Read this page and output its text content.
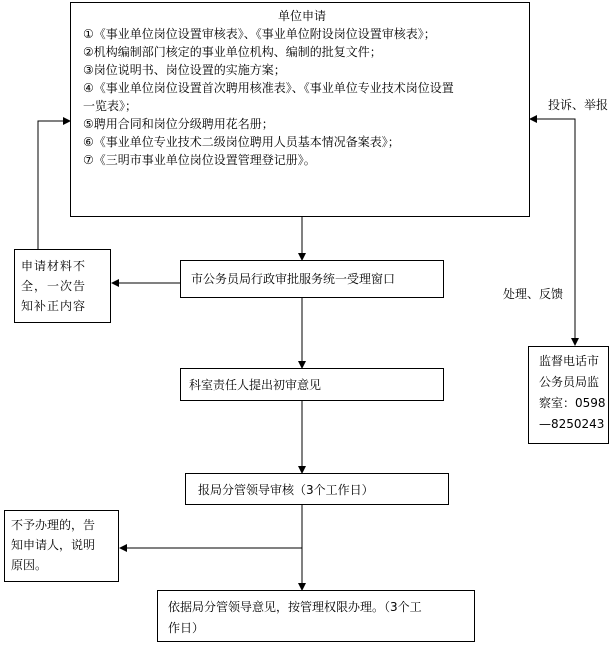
单位申请
①《事业单位岗位设置审核表》、《事业单位附设岗位设置审核表》；
②机构编制部门核定的事业单位机构、编制的批复文件；
③岗位说明书、岗位设置的实施方案；
④《事业单位岗位设置首次聘用核准表》、《事业单位专业技术岗位设置
一览表》；
⑤聘用合同和岗位分级聘用花名册；
⑥《事业单位专业技术二级岗位聘用人员基本情况备案表》；
⑦《三明市事业单位岗位设置管理登记册》。
申请材料不
全，一次告
知补正内容
市公务员局行政审批服务统一受理窗口
科室责任人提出初审意见
报局分管领导审核（3个工作日）
不予办理的，告
知申请人，说明
原因。
依据局分管领导意见，按管理权限办理。（3个工
作日）
监督电话市
公务员局监
察室：0598
—8250243
投诉、举报
处理、反馈
